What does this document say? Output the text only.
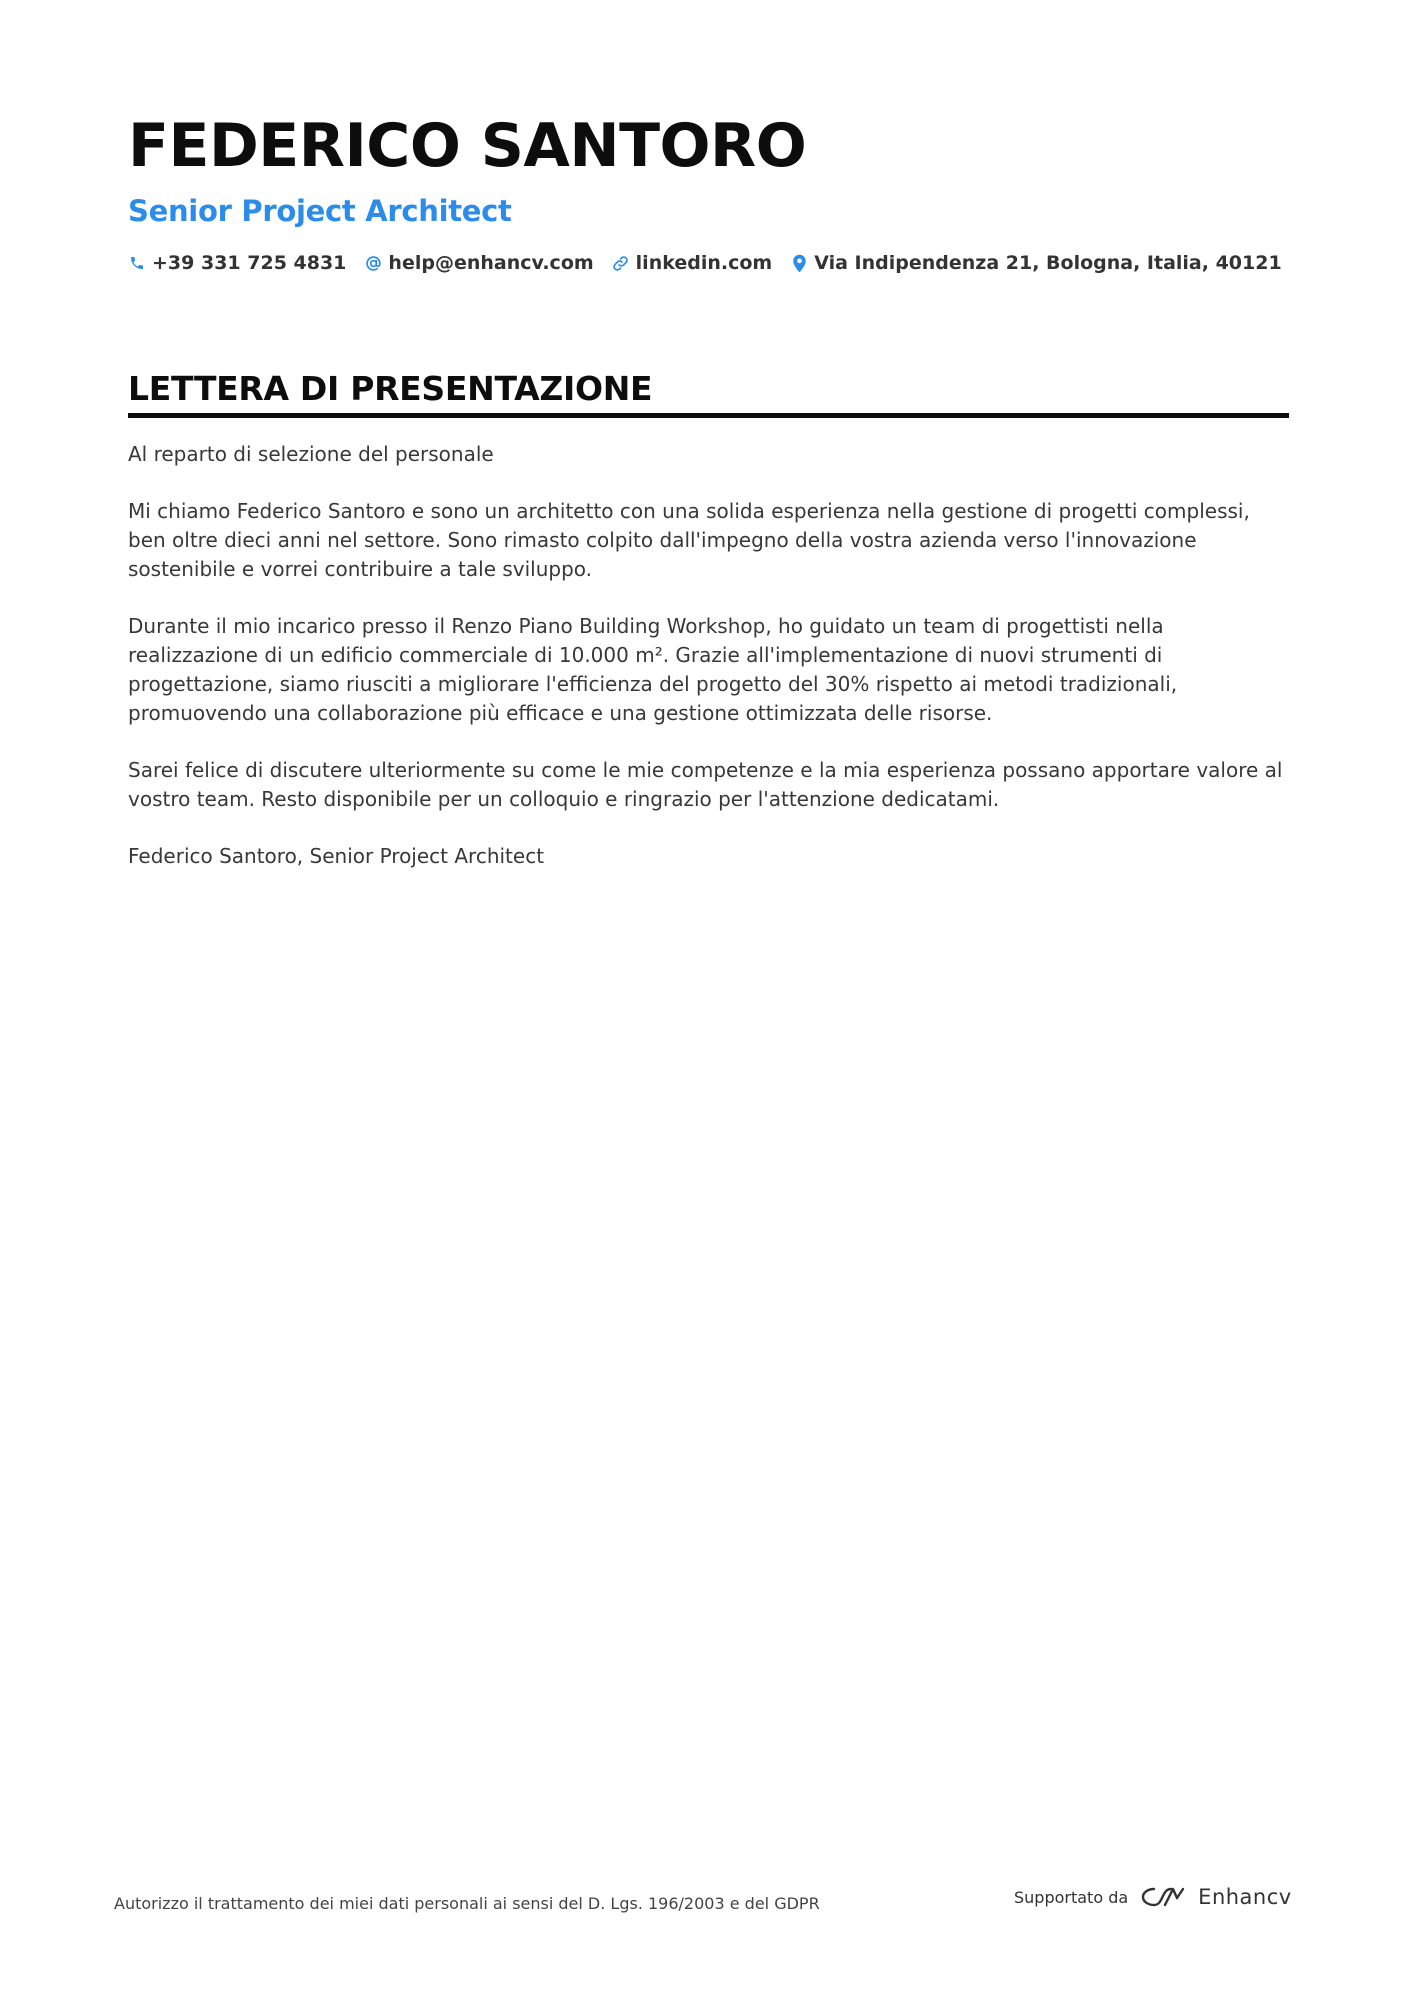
FEDERICO SANTORO
Senior Project Architect
+39 331 725 4831 help@enhancv.com linkedin.com Via Indipendenza 21, Bologna, Italia, 40121
LETTERA DI PRESENTAZIONE

Al reparto di selezione del personale

Mi chiamo Federico Santoro e sono un architetto con una solida esperienza nella gestione di progetti complessi, ben oltre dieci anni nel settore. Sono rimasto colpito dall'impegno della vostra azienda verso l'innovazione sostenibile e vorrei contribuire a tale sviluppo.

Durante il mio incarico presso il Renzo Piano Building Workshop, ho guidato un team di progettisti nella realizzazione di un edificio commerciale di 10.000 m². Grazie all'implementazione di nuovi strumenti di progettazione, siamo riusciti a migliorare l'efficienza del progetto del 30% rispetto ai metodi tradizionali, promuovendo una collaborazione più efficace e una gestione ottimizzata delle risorse.

Sarei felice di discutere ulteriormente su come le mie competenze e la mia esperienza possano apportare valore al vostro team. Resto disponibile per un colloquio e ringrazio per l'attenzione dedicatami.

Federico Santoro, Senior Project Architect

Autorizzo il trattamento dei miei dati personali ai sensi del D. Lgs. 196/2003 e del GDPR	Supportato da	Enhancv
